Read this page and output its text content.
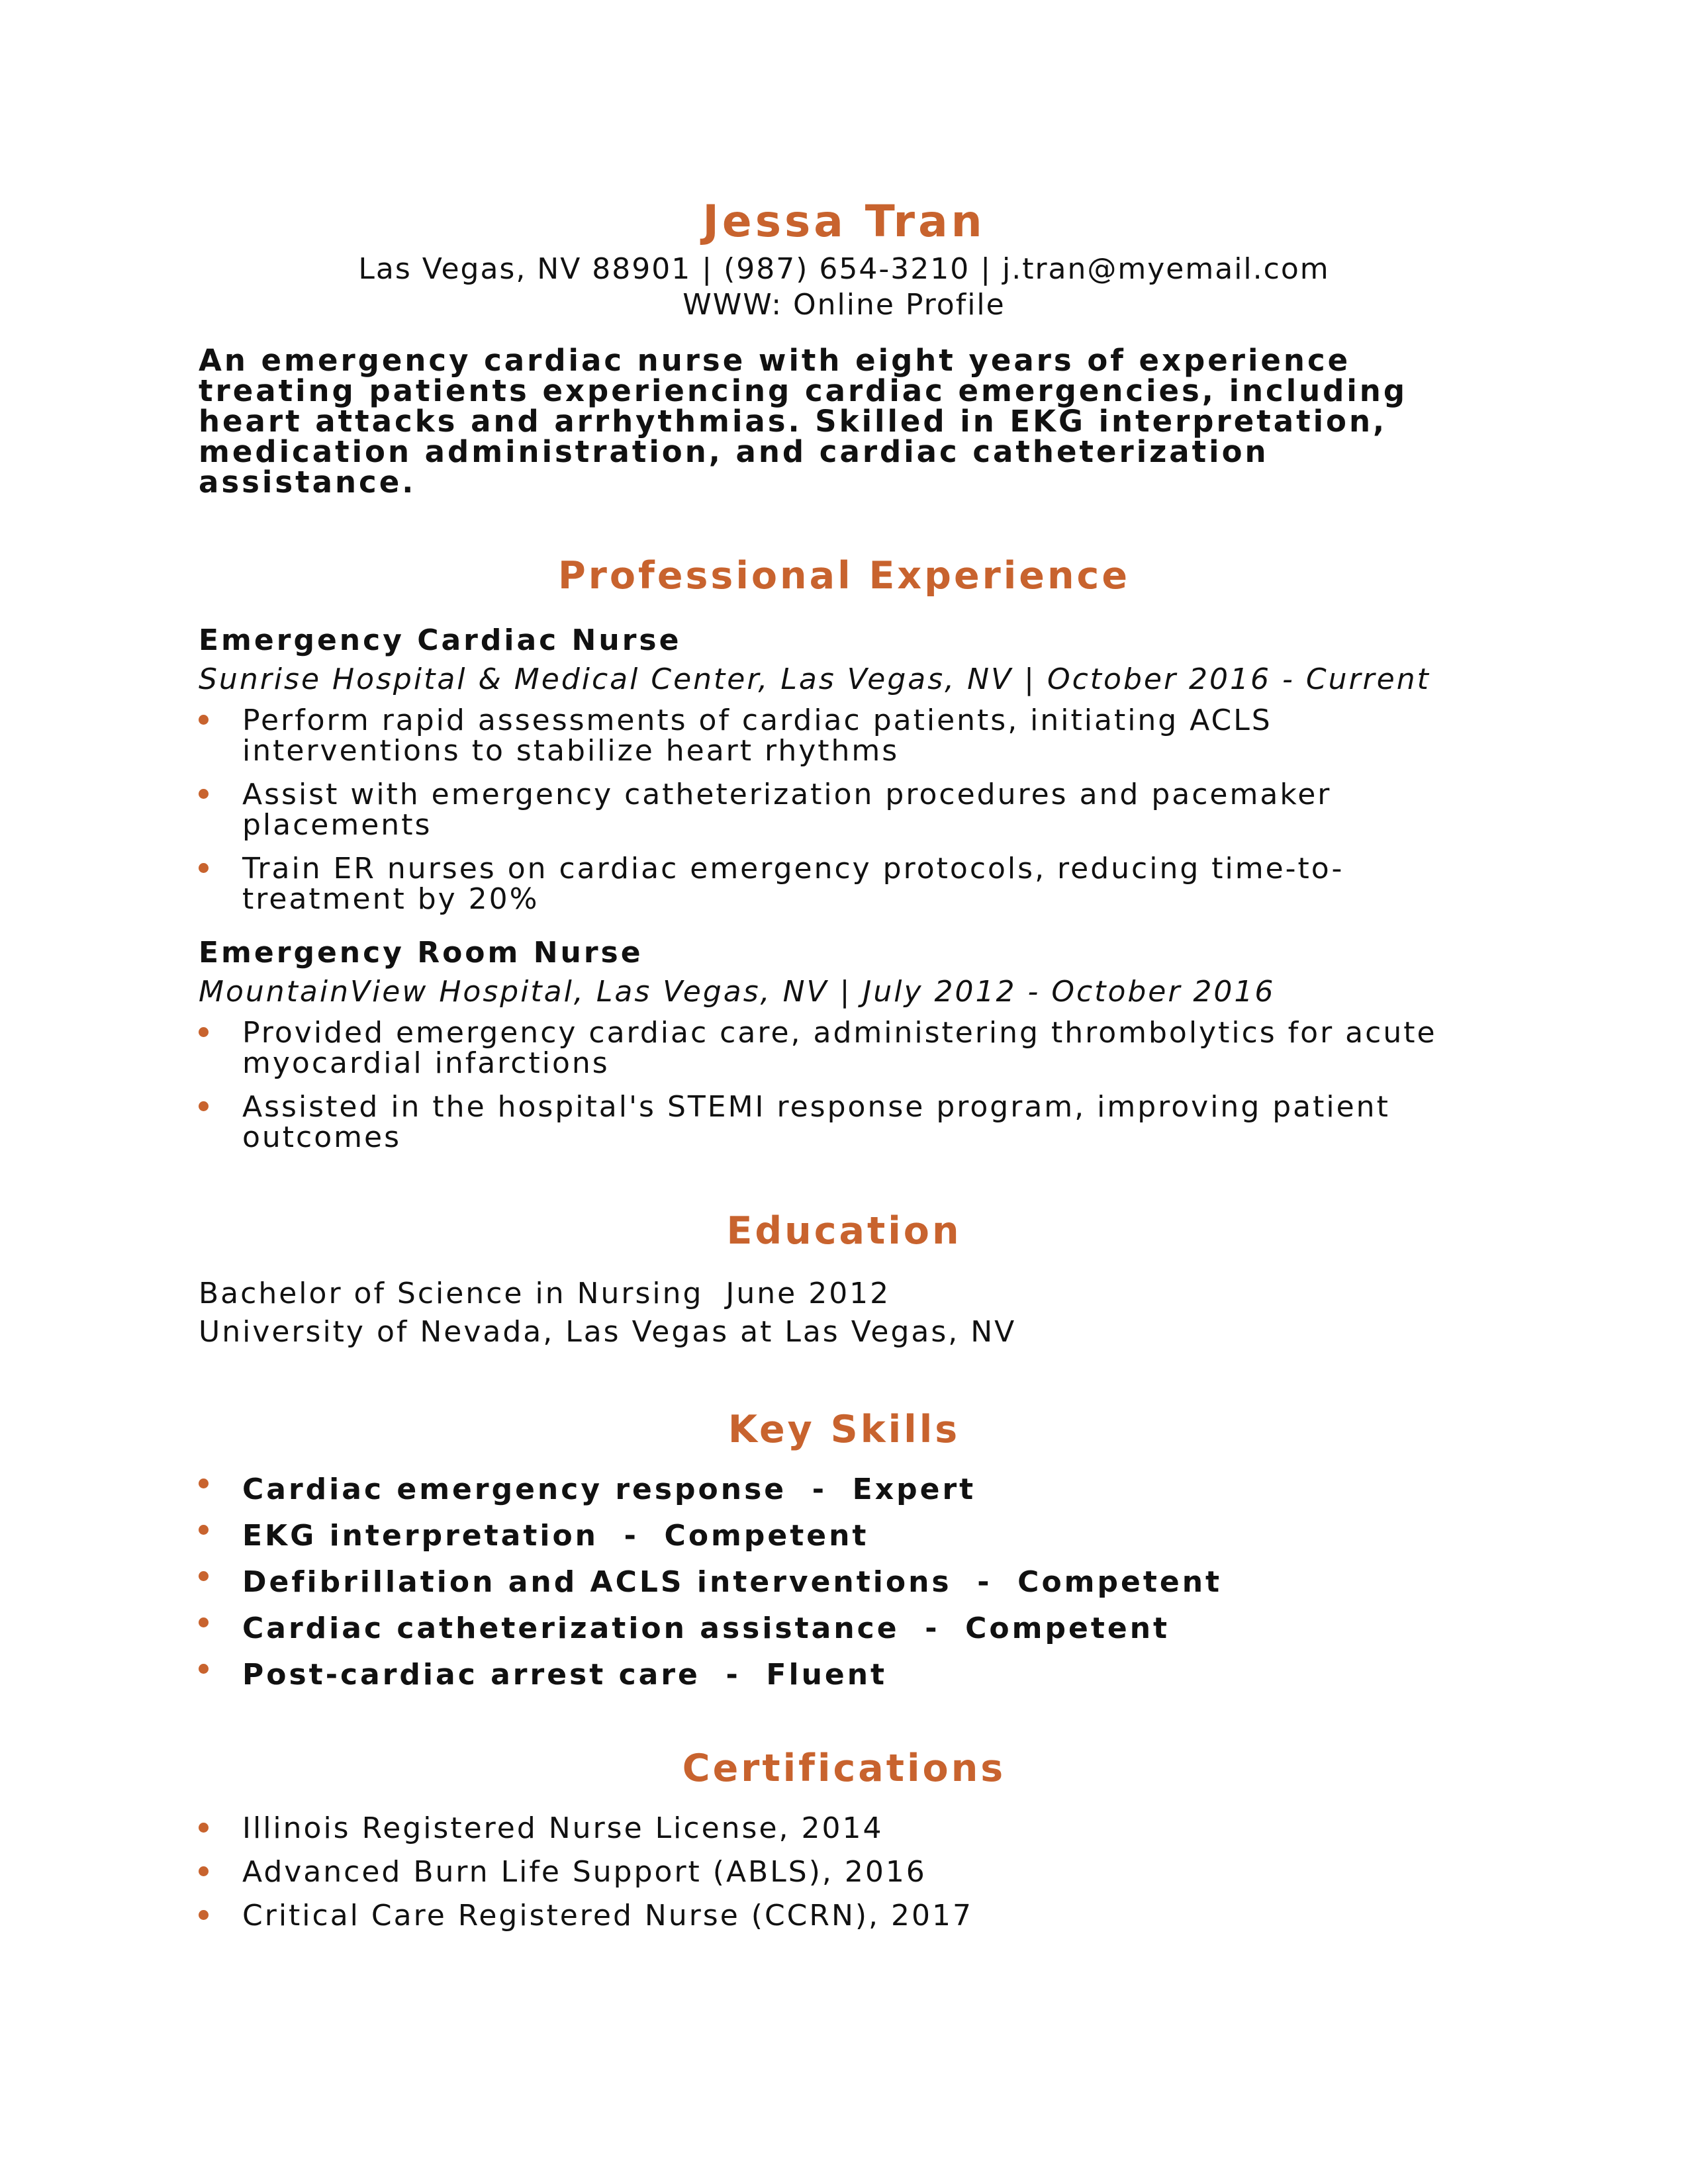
Jessa Tran
Las Vegas, NV 88901 | (987) 654-3210 | j.tran@myemail.com
WWW: Online Profile
An emergency cardiac nurse with eight years of experience treating patients experiencing cardiac emergencies, including heart attacks and arrhythmias. Skilled in EKG interpretation, medication administration, and cardiac catheterization assistance.
Professional Experience
Emergency Cardiac Nurse
Sunrise Hospital & Medical Center, Las Vegas, NV | October 2016 - Current
Perform rapid assessments of cardiac patients, initiating ACLS interventions to stabilize heart rhythms
Assist with emergency catheterization procedures and pacemaker placements
Train ER nurses on cardiac emergency protocols, reducing time-to-treatment by 20%
Emergency Room Nurse
MountainView Hospital, Las Vegas, NV | July 2012 - October 2016
Provided emergency cardiac care, administering thrombolytics for acute myocardial infarctions
Assisted in the hospital's STEMI response program, improving patient outcomes
Education
Bachelor of Science in Nursing  June 2012
University of Nevada, Las Vegas at Las Vegas, NV
Key Skills
Cardiac emergency response  -  Expert
EKG interpretation  -  Competent
Defibrillation and ACLS interventions  -  Competent
Cardiac catheterization assistance  -  Competent
Post-cardiac arrest care  -  Fluent
Certifications
Illinois Registered Nurse License, 2014
Advanced Burn Life Support (ABLS), 2016
Critical Care Registered Nurse (CCRN), 2017
